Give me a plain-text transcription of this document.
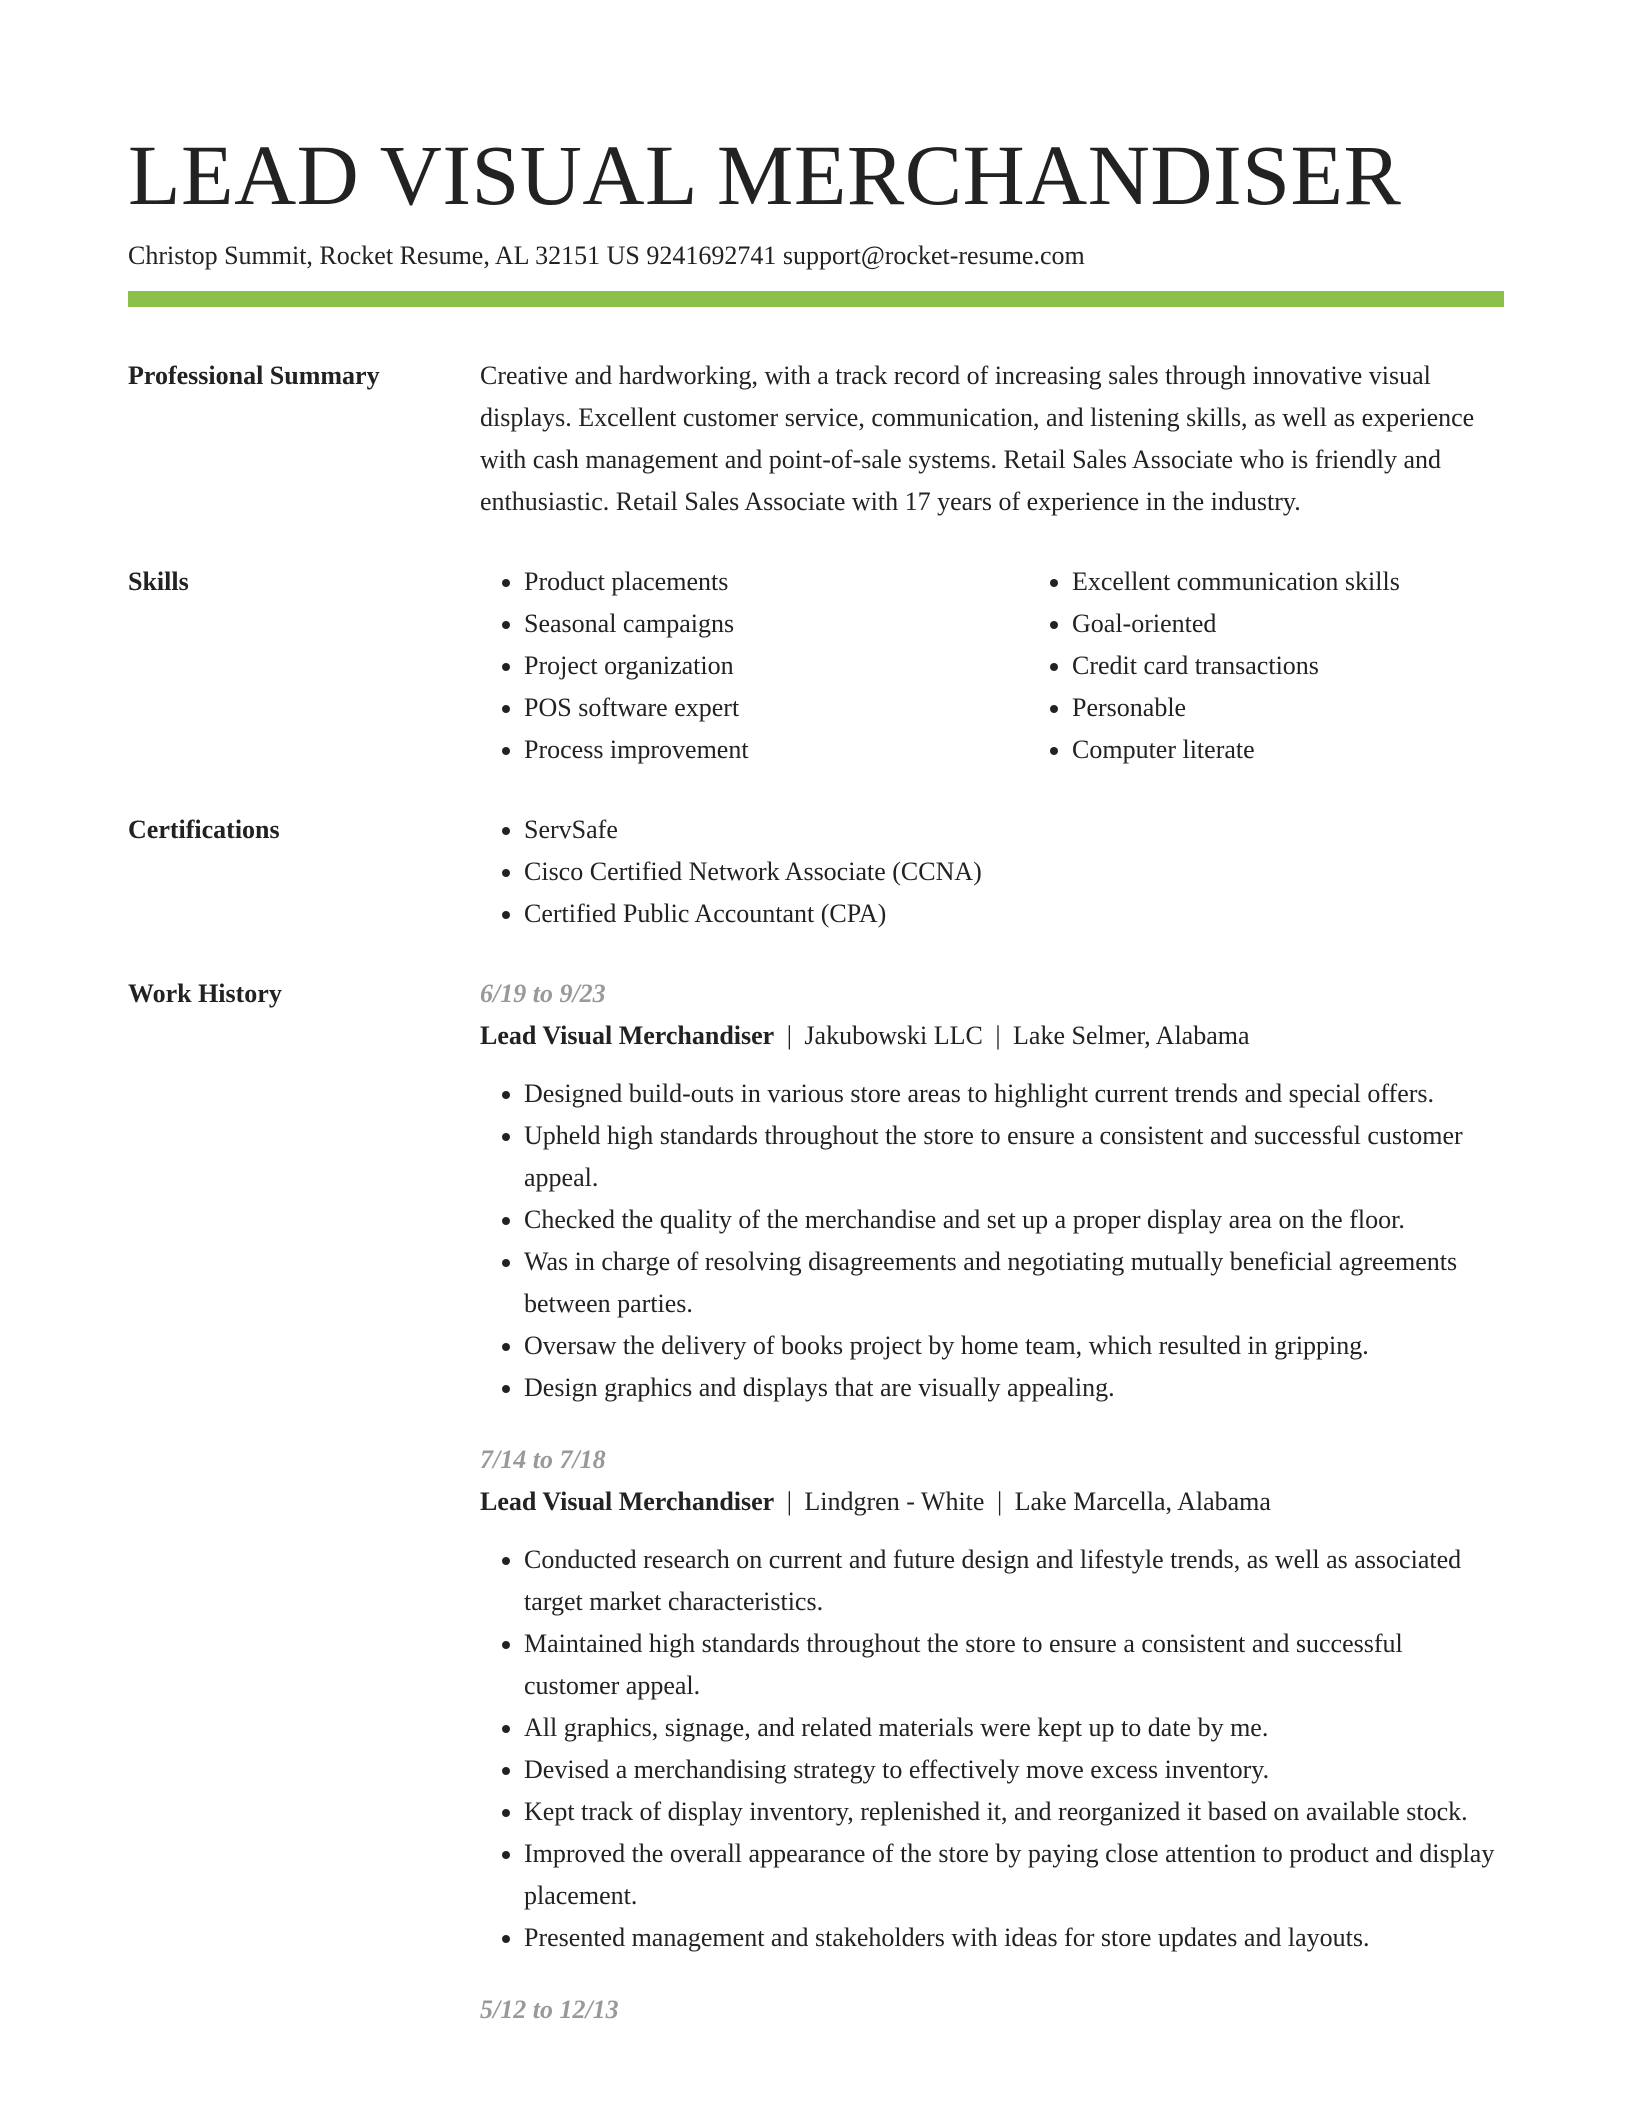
LEAD VISUAL MERCHANDISER
Christop Summit, Rocket Resume, AL 32151 US 9241692741 support@rocket-resume.com
Professional Summary	Creative and hardworking, with a track record of increasing sales through innovative visual displays. Excellent customer service, communication, and listening skills, as well as experience with cash management and point-of-sale systems. Retail Sales Associate who is friendly and enthusiastic. Retail Sales Associate with 17 years of experience in the industry.

Skills	• Product placements
• Seasonal campaigns
• Project organization
• POS software expert
• Process improvement
• Excellent communication skills
• Goal-oriented
• Credit card transactions
• Personable
• Computer literate
Certifications	• ServSafe
• Cisco Certified Network Associate (CCNA)
• Certified Public Accountant (CPA)
Work History	6/19 to 9/23
Lead Visual Merchandiser | Jakubowski LLC | Lake Selmer, Alabama
• Designed build-outs in various store areas to highlight current trends and special offers.
• Upheld high standards throughout the store to ensure a consistent and successful customer appeal.
• Checked the quality of the merchandise and set up a proper display area on the floor.
• Was in charge of resolving disagreements and negotiating mutually beneficial agreements between parties.
• Oversaw the delivery of books project by home team, which resulted in gripping.
• Design graphics and displays that are visually appealing.
7/14 to 7/18
Lead Visual Merchandiser | Lindgren - White | Lake Marcella, Alabama
• Conducted research on current and future design and lifestyle trends, as well as associated target market characteristics.
• Maintained high standards throughout the store to ensure a consistent and successful customer appeal.
• All graphics, signage, and related materials were kept up to date by me.
• Devised a merchandising strategy to effectively move excess inventory.
• Kept track of display inventory, replenished it, and reorganized it based on available stock.
• Improved the overall appearance of the store by paying close attention to product and display placement.
• Presented management and stakeholders with ideas for store updates and layouts.
5/12 to 12/13
